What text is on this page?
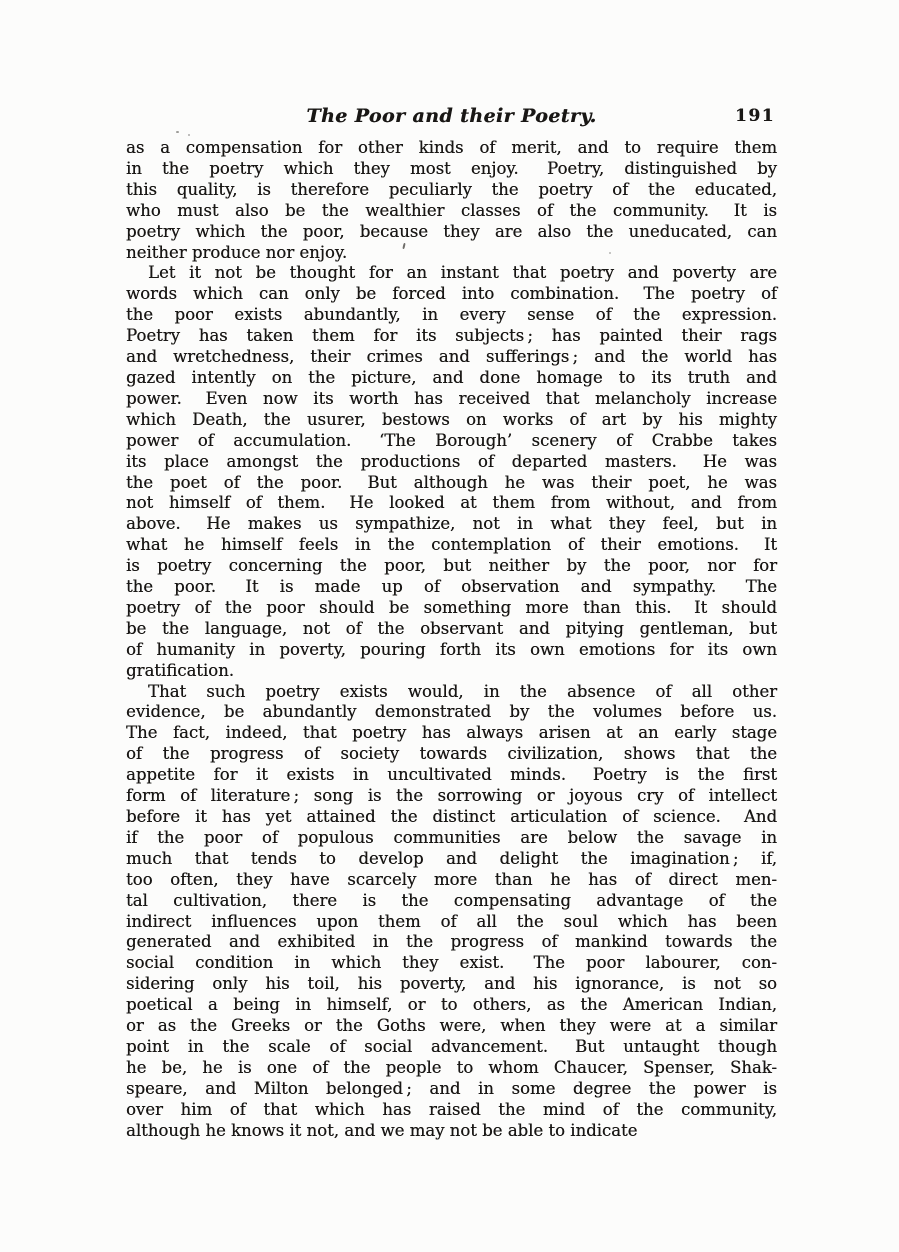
The Poor and their Poetry.	191
as a compensation for other kinds of merit, and to require them
in the poetry which they most enjoy.  Poetry, distinguished by
this quality, is therefore peculiarly the poetry of the educated,
who must also be the wealthier classes of the community.  It is
poetry which the poor, because they are also the uneducated, can
neither produce nor enjoy.
Let it not be thought for an instant that poetry and poverty are
words which can only be forced into combination.  The poetry of
the poor exists abundantly, in every sense of the expression.
Poetry has taken them for its subjects ; has painted their rags
and wretchedness, their crimes and sufferings ; and the world has
gazed intently on the picture, and done homage to its truth and
power.  Even now its worth has received that melancholy increase
which Death, the usurer, bestows on works of art by his mighty
power of accumulation.  ‘The Borough’ scenery of Crabbe takes
its place amongst the productions of departed masters.  He was
the poet of the poor.  But although he was their poet, he was
not himself of them.  He looked at them from without, and from
above.  He makes us sympathize, not in what they feel, but in
what he himself feels in the contemplation of their emotions.  It
is poetry concerning the poor, but neither by the poor, nor for
the poor.  It is made up of observation and sympathy.  The
poetry of the poor should be something more than this.  It should
be the language, not of the observant and pitying gentleman, but
of humanity in poverty, pouring forth its own emotions for its own
gratification.
That such poetry exists would, in the absence of all other
evidence, be abundantly demonstrated by the volumes before us.
The fact, indeed, that poetry has always arisen at an early stage
of the progress of society towards civilization, shows that the
appetite for it exists in uncultivated minds.  Poetry is the first
form of literature ; song is the sorrowing or joyous cry of intellect
before it has yet attained the distinct articulation of science.  And
if the poor of populous communities are below the savage in
much that tends to develop and delight the imagination ; if,
too often, they have scarcely more than he has of direct men-
tal cultivation, there is the compensating advantage of the
indirect influences upon them of all the soul which has been
generated and exhibited in the progress of mankind towards the
social condition in which they exist.  The poor labourer, con-
sidering only his toil, his poverty, and his ignorance, is not so
poetical a being in himself, or to others, as the American Indian,
or as the Greeks or the Goths were, when they were at a similar
point in the scale of social advancement.  But untaught though
he be, he is one of the people to whom Chaucer, Spenser, Shak-
speare, and Milton belonged ; and in some degree the power is
over him of that which has raised the mind of the community,
although he knows it not, and we may not be able to indicate
